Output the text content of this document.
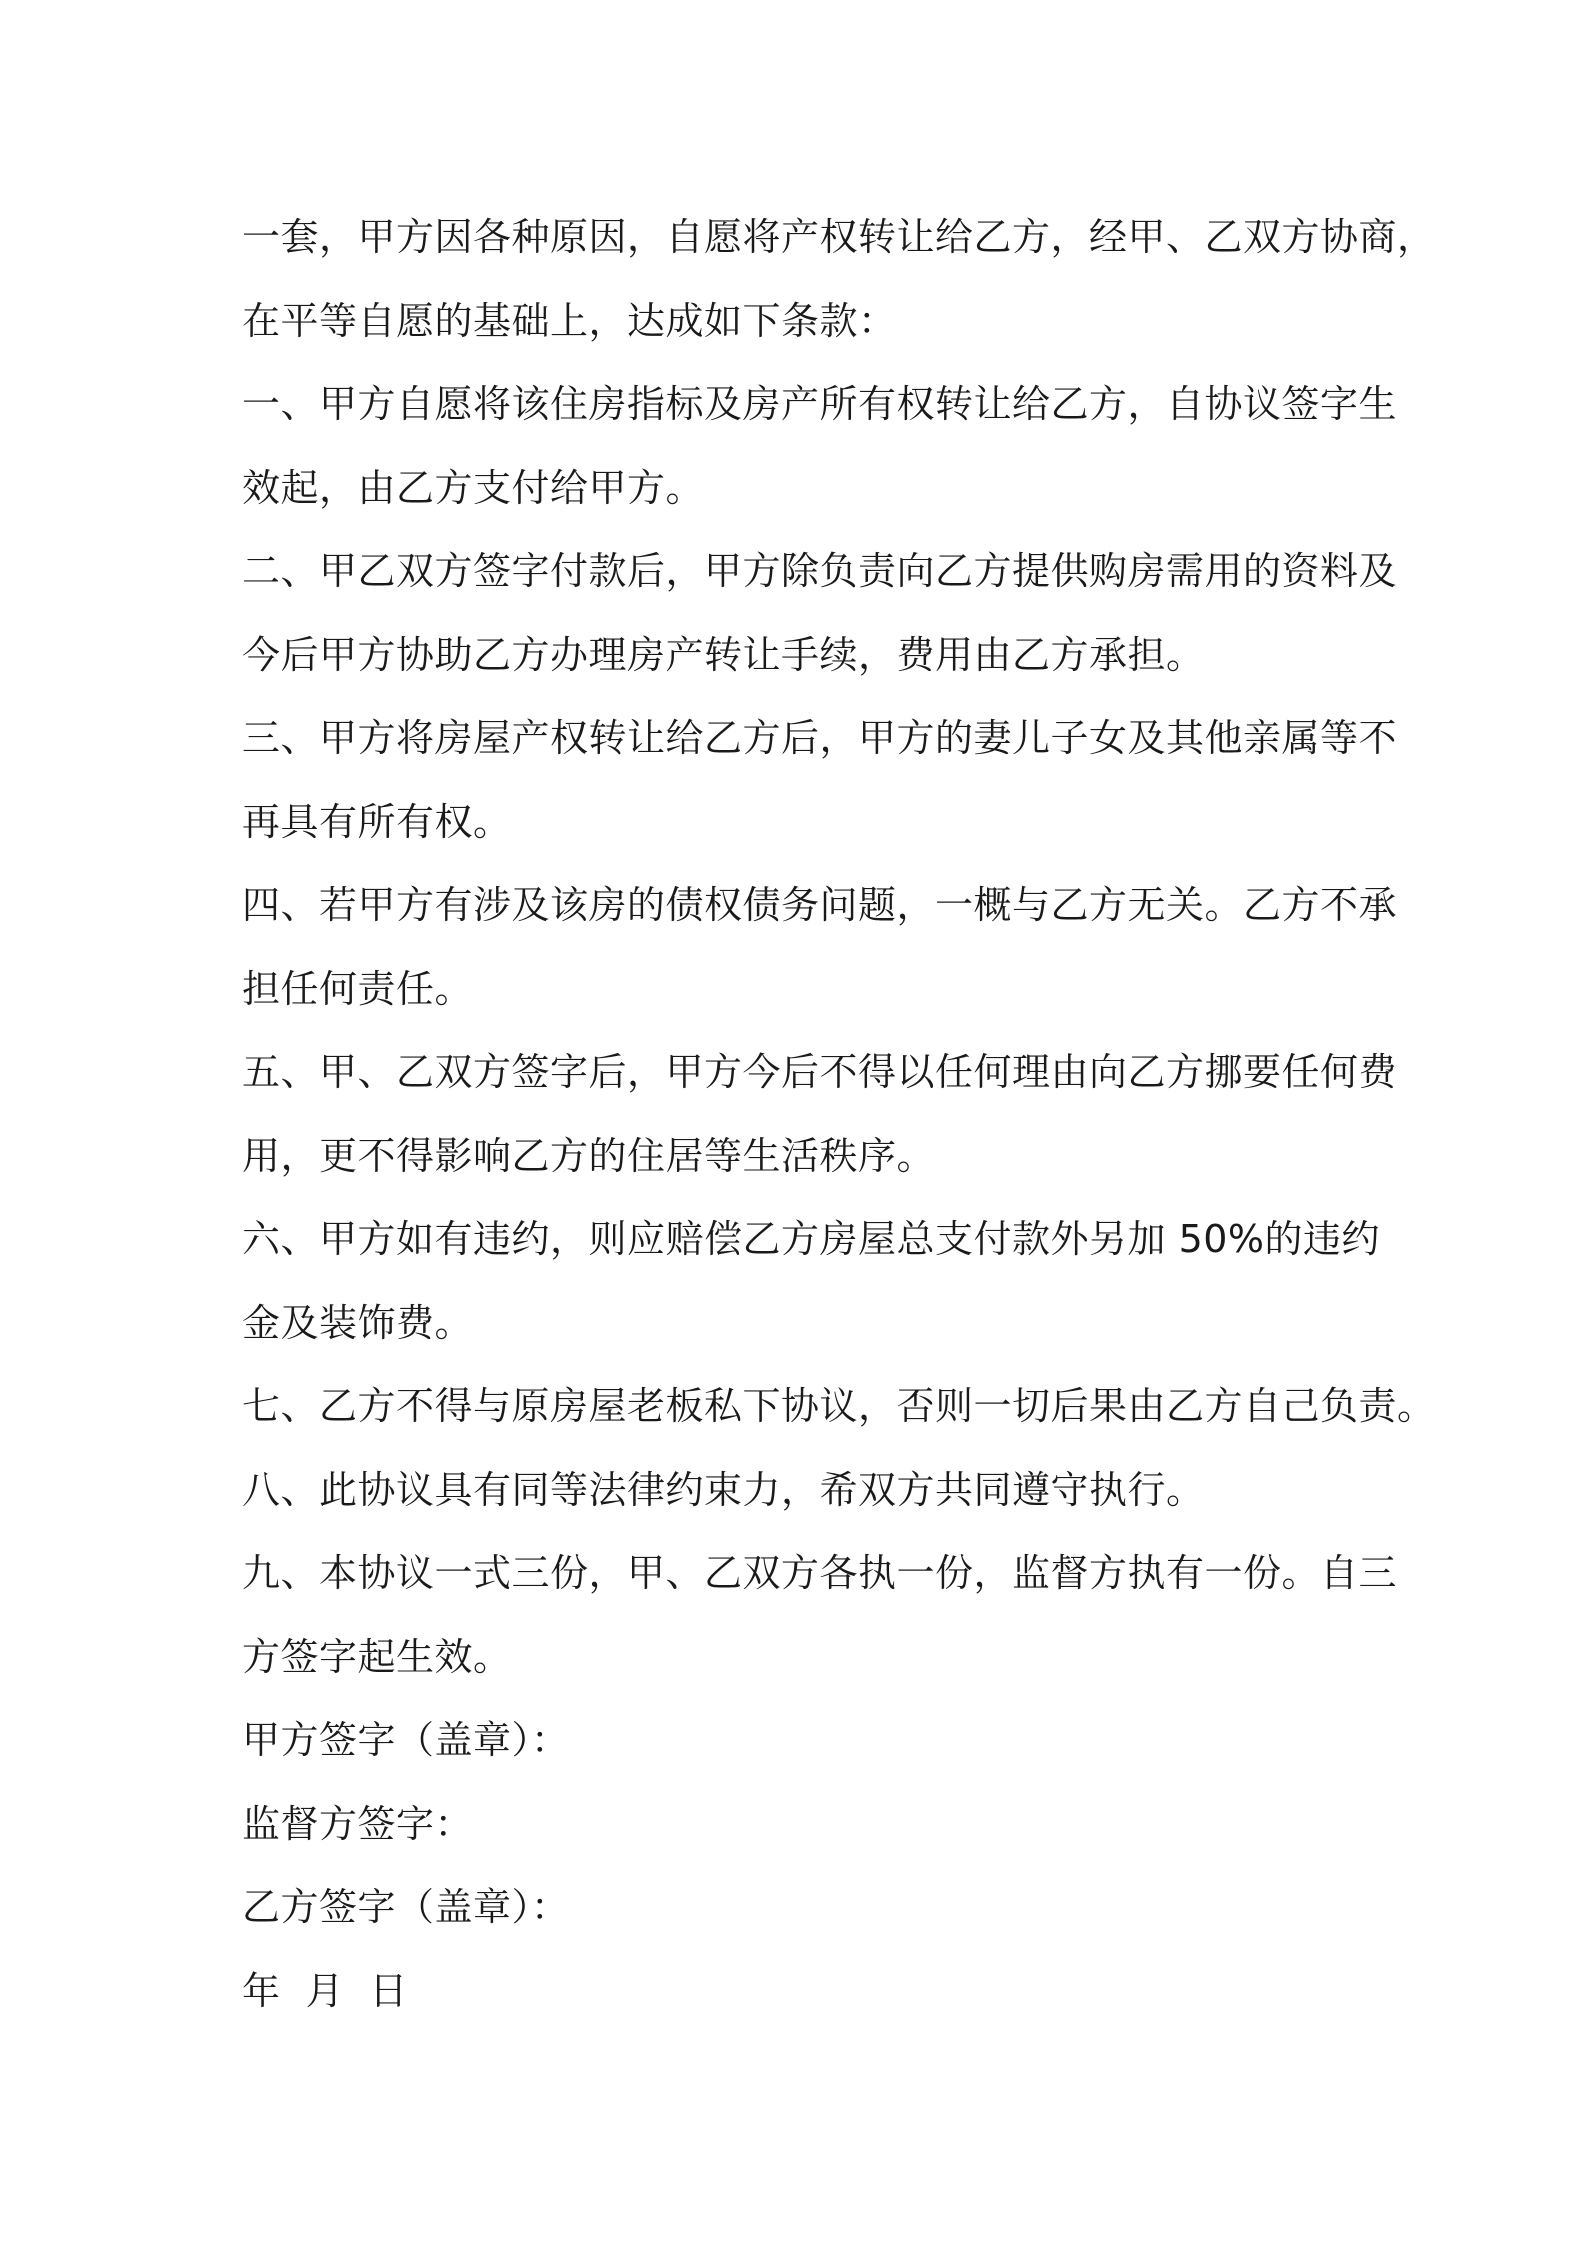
一套，甲方因各种原因，自愿将产权转让给乙方，经甲、乙双方协商，

在平等自愿的基础上，达成如下条款：

一、甲方自愿将该住房指标及房产所有权转让给乙方，自协议签字生

效起，由乙方支付给甲方。

二、甲乙双方签字付款后，甲方除负责向乙方提供购房需用的资料及

今后甲方协助乙方办理房产转让手续，费用由乙方承担。

三、甲方将房屋产权转让给乙方后，甲方的妻儿子女及其他亲属等不

再具有所有权。

四、若甲方有涉及该房的债权债务问题，一概与乙方无关。乙方不承

担任何责任。

五、甲、乙双方签字后，甲方今后不得以任何理由向乙方挪要任何费

用，更不得影响乙方的住居等生活秩序。

六、甲方如有违约，则应赔偿乙方房屋总支付款外另加 50%的违约

金及装饰费。

七、乙方不得与原房屋老板私下协议，否则一切后果由乙方自己负责。

八、此协议具有同等法律约束力，希双方共同遵守执行。

九、本协议一式三份，甲、乙双方各执一份，监督方执有一份。自三

方签字起生效。

甲方签字（盖章）：

监督方签字：

乙方签字（盖章）：

年  月  日
